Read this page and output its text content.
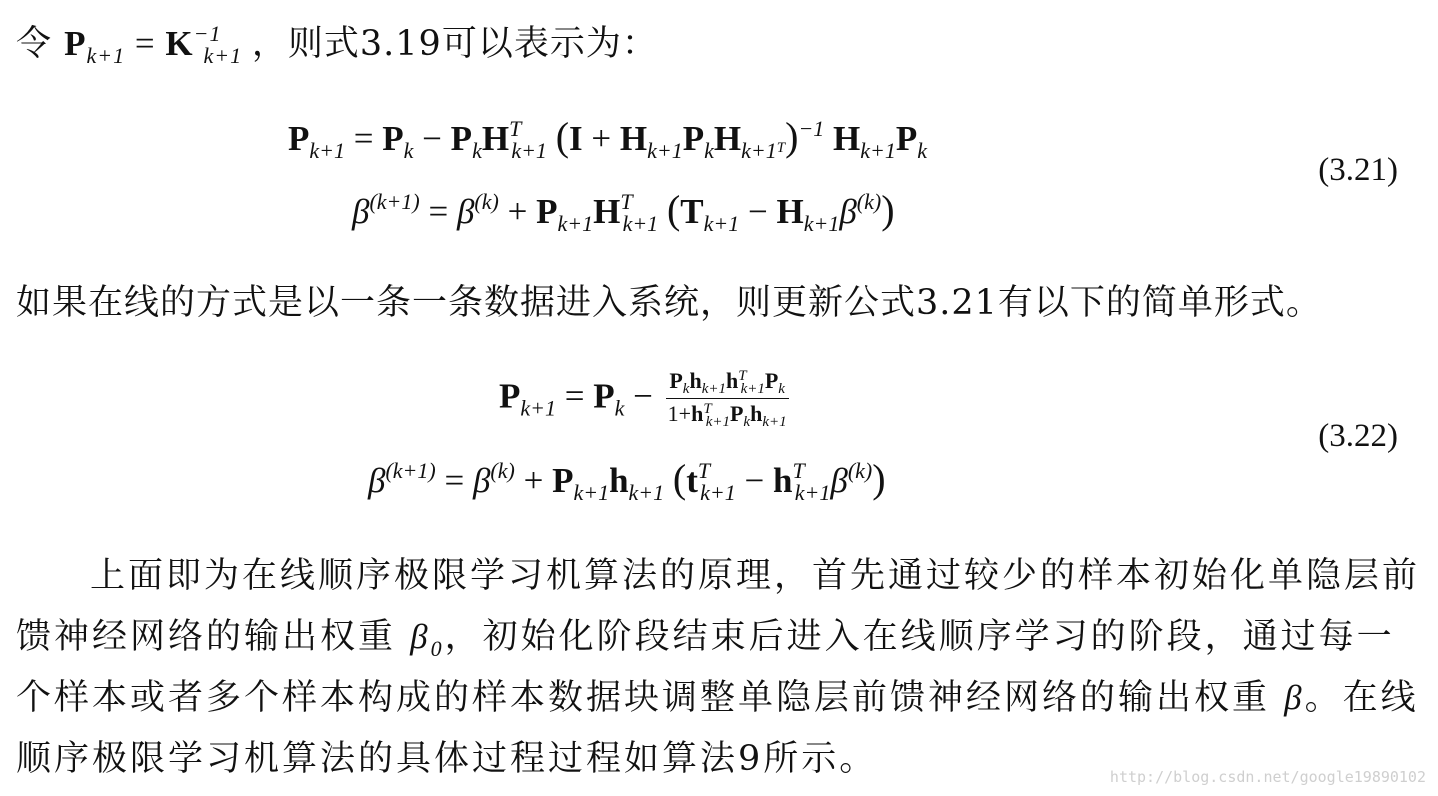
令 $P_{k+1} = K^{-1}_{k+1}$ ，则式3.19可以表示为：
$P_{k+1} = P_k - P_kH^T_{k+1}$ $(I + H_{k+1}P_kH_{k+1^T})^{-1}$ $H_{k+1}P_k$
$\beta^{(k+1)} = \beta^{(k)} + P_{k+1}H^T_{k+1}$ $(T_{k+1} - H_{k+1}\beta^{(k)})$
(3.21)
如果在线的方式是以一条一条数据进入系统，则更新公式3.21有以下的简单形式。
$P_{k+1} = P_k - \frac{P_kh_{k+1}h^T_{k+1}P_k}{1+h^T_{k+1}P_kh_{k+1}}$
$\beta^{(k+1)} = \beta^{(k)} + P_{k+1}h_{k+1}$ $(t^T_{k+1} - h^T_{k+1}\beta^{(k)})$
(3.22)
上面即为在线顺序极限学习机算法的原理，首先通过较少的样本初始化单隐层前
馈神经网络的输出权重 $\beta_0$，初始化阶段结束后进入在线顺序学习的阶段，通过每一
个样本或者多个样本构成的样本数据块调整单隐层前馈神经网络的输出权重 β。在线
顺序极限学习机算法的具体过程过程如算法9所示。	http://blog.csdn.net/google19890102
